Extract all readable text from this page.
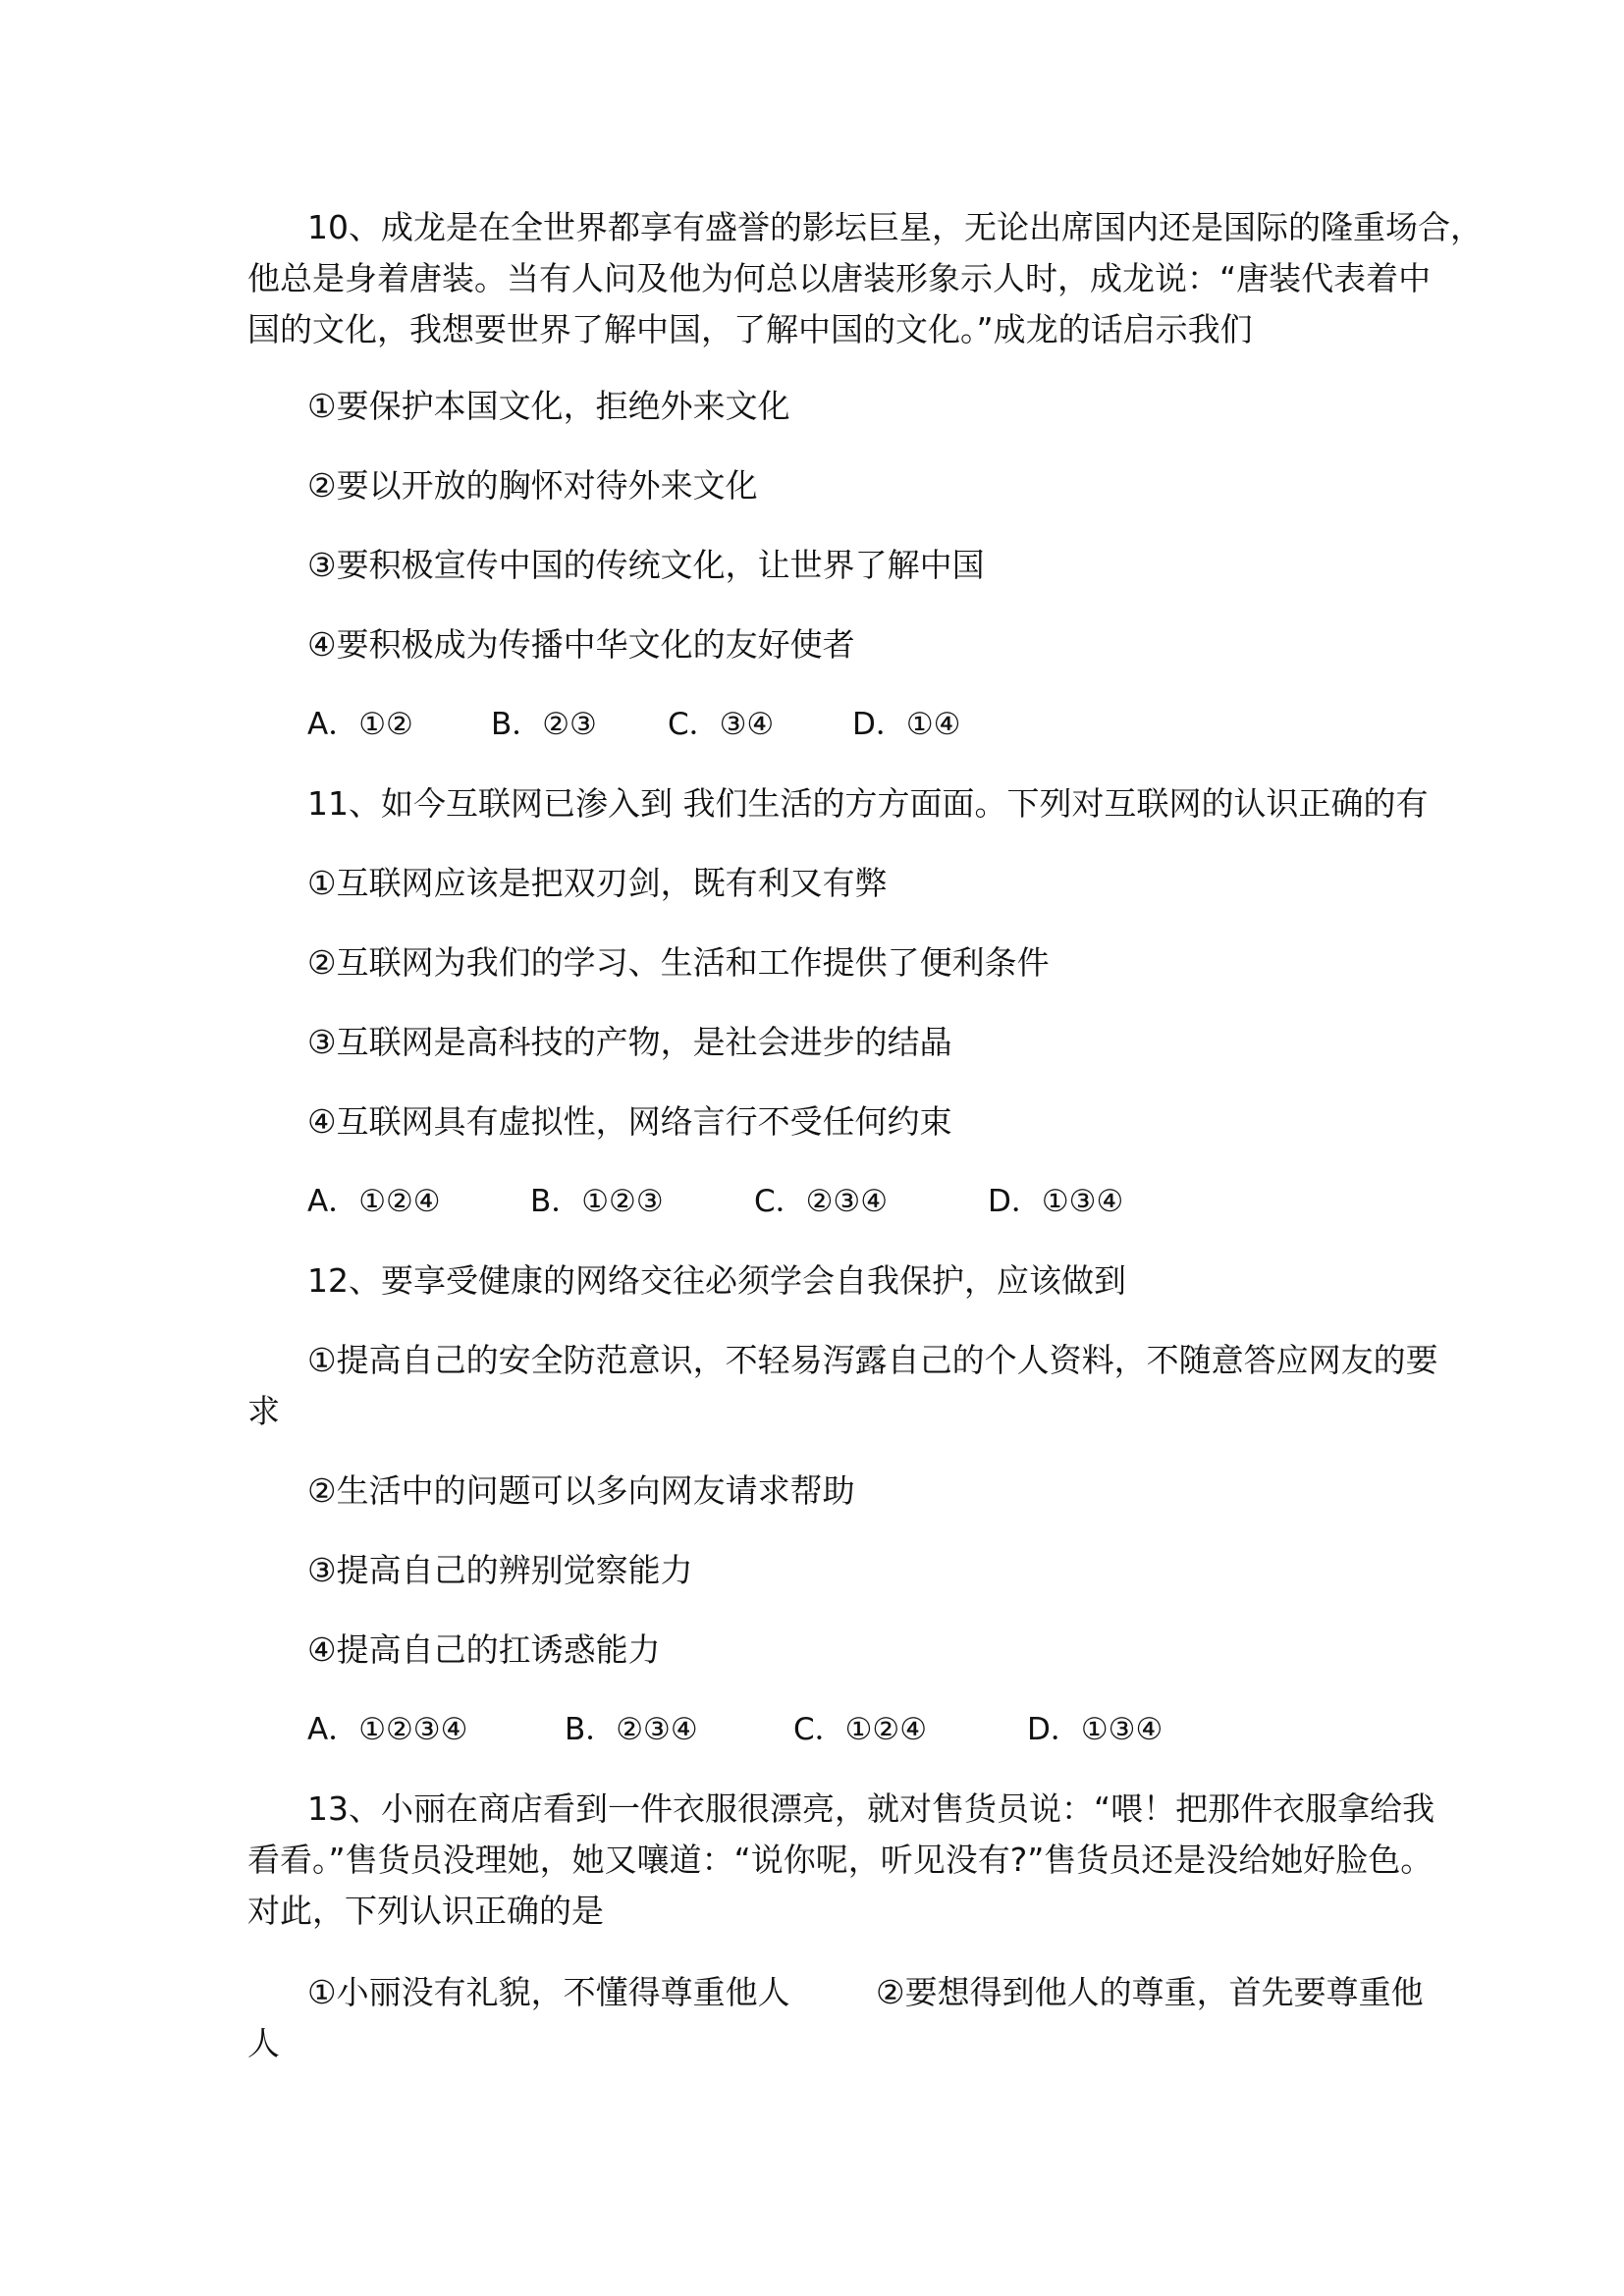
10、成龙是在全世界都享有盛誉的影坛巨星，无论出席国内还是国际的隆重场合，

他总是身着唐装。当有人问及他为何总以唐装形象示人时，成龙说：“唐装代表着中

国的文化，我想要世界了解中国，了解中国的文化。”成龙的话启示我们

①要保护本国文化，拒绝外来文化

②要以开放的胸怀对待外来文化

③要积极宣传中国的传统文化，让世界了解中国

④要积极成为传播中华文化的友好使者

A．①②	B．②③ C．③④	D．①④

11、如今互联网已渗入到 我们生活的方方面面。下列对互联网的认识正确的有

①互联网应该是把双刃剑，既有利又有弊

②互联网为我们的学习、生活和工作提供了便利条件

③互联网是高科技的产物，是社会进步的结晶

④互联网具有虚拟性，网络言行不受任何约束

A．①②④	B．①②③	C．②③④	D．①③④

12、要享受健康的网络交往必须学会自我保护，应该做到

①提高自己的安全防范意识，不轻易泻露自己的个人资料，不随意答应网友的要

求

②生活中的问题可以多向网友请求帮助

③提高自己的辨别觉察能力

④提高自己的扛诱惑能力

A．①②③④	B．②③④	C．①②④	D．①③④

13、小丽在商店看到一件衣服很漂亮，就对售货员说：“喂！把那件衣服拿给我

看看。”售货员没理她，她又嚷道：“说你呢，听见没有?”售货员还是没给她好脸色。

对此，下列认识正确的是

①小丽没有礼貌，不懂得尊重他人	②要想得到他人的尊重，首先要尊重他

人
